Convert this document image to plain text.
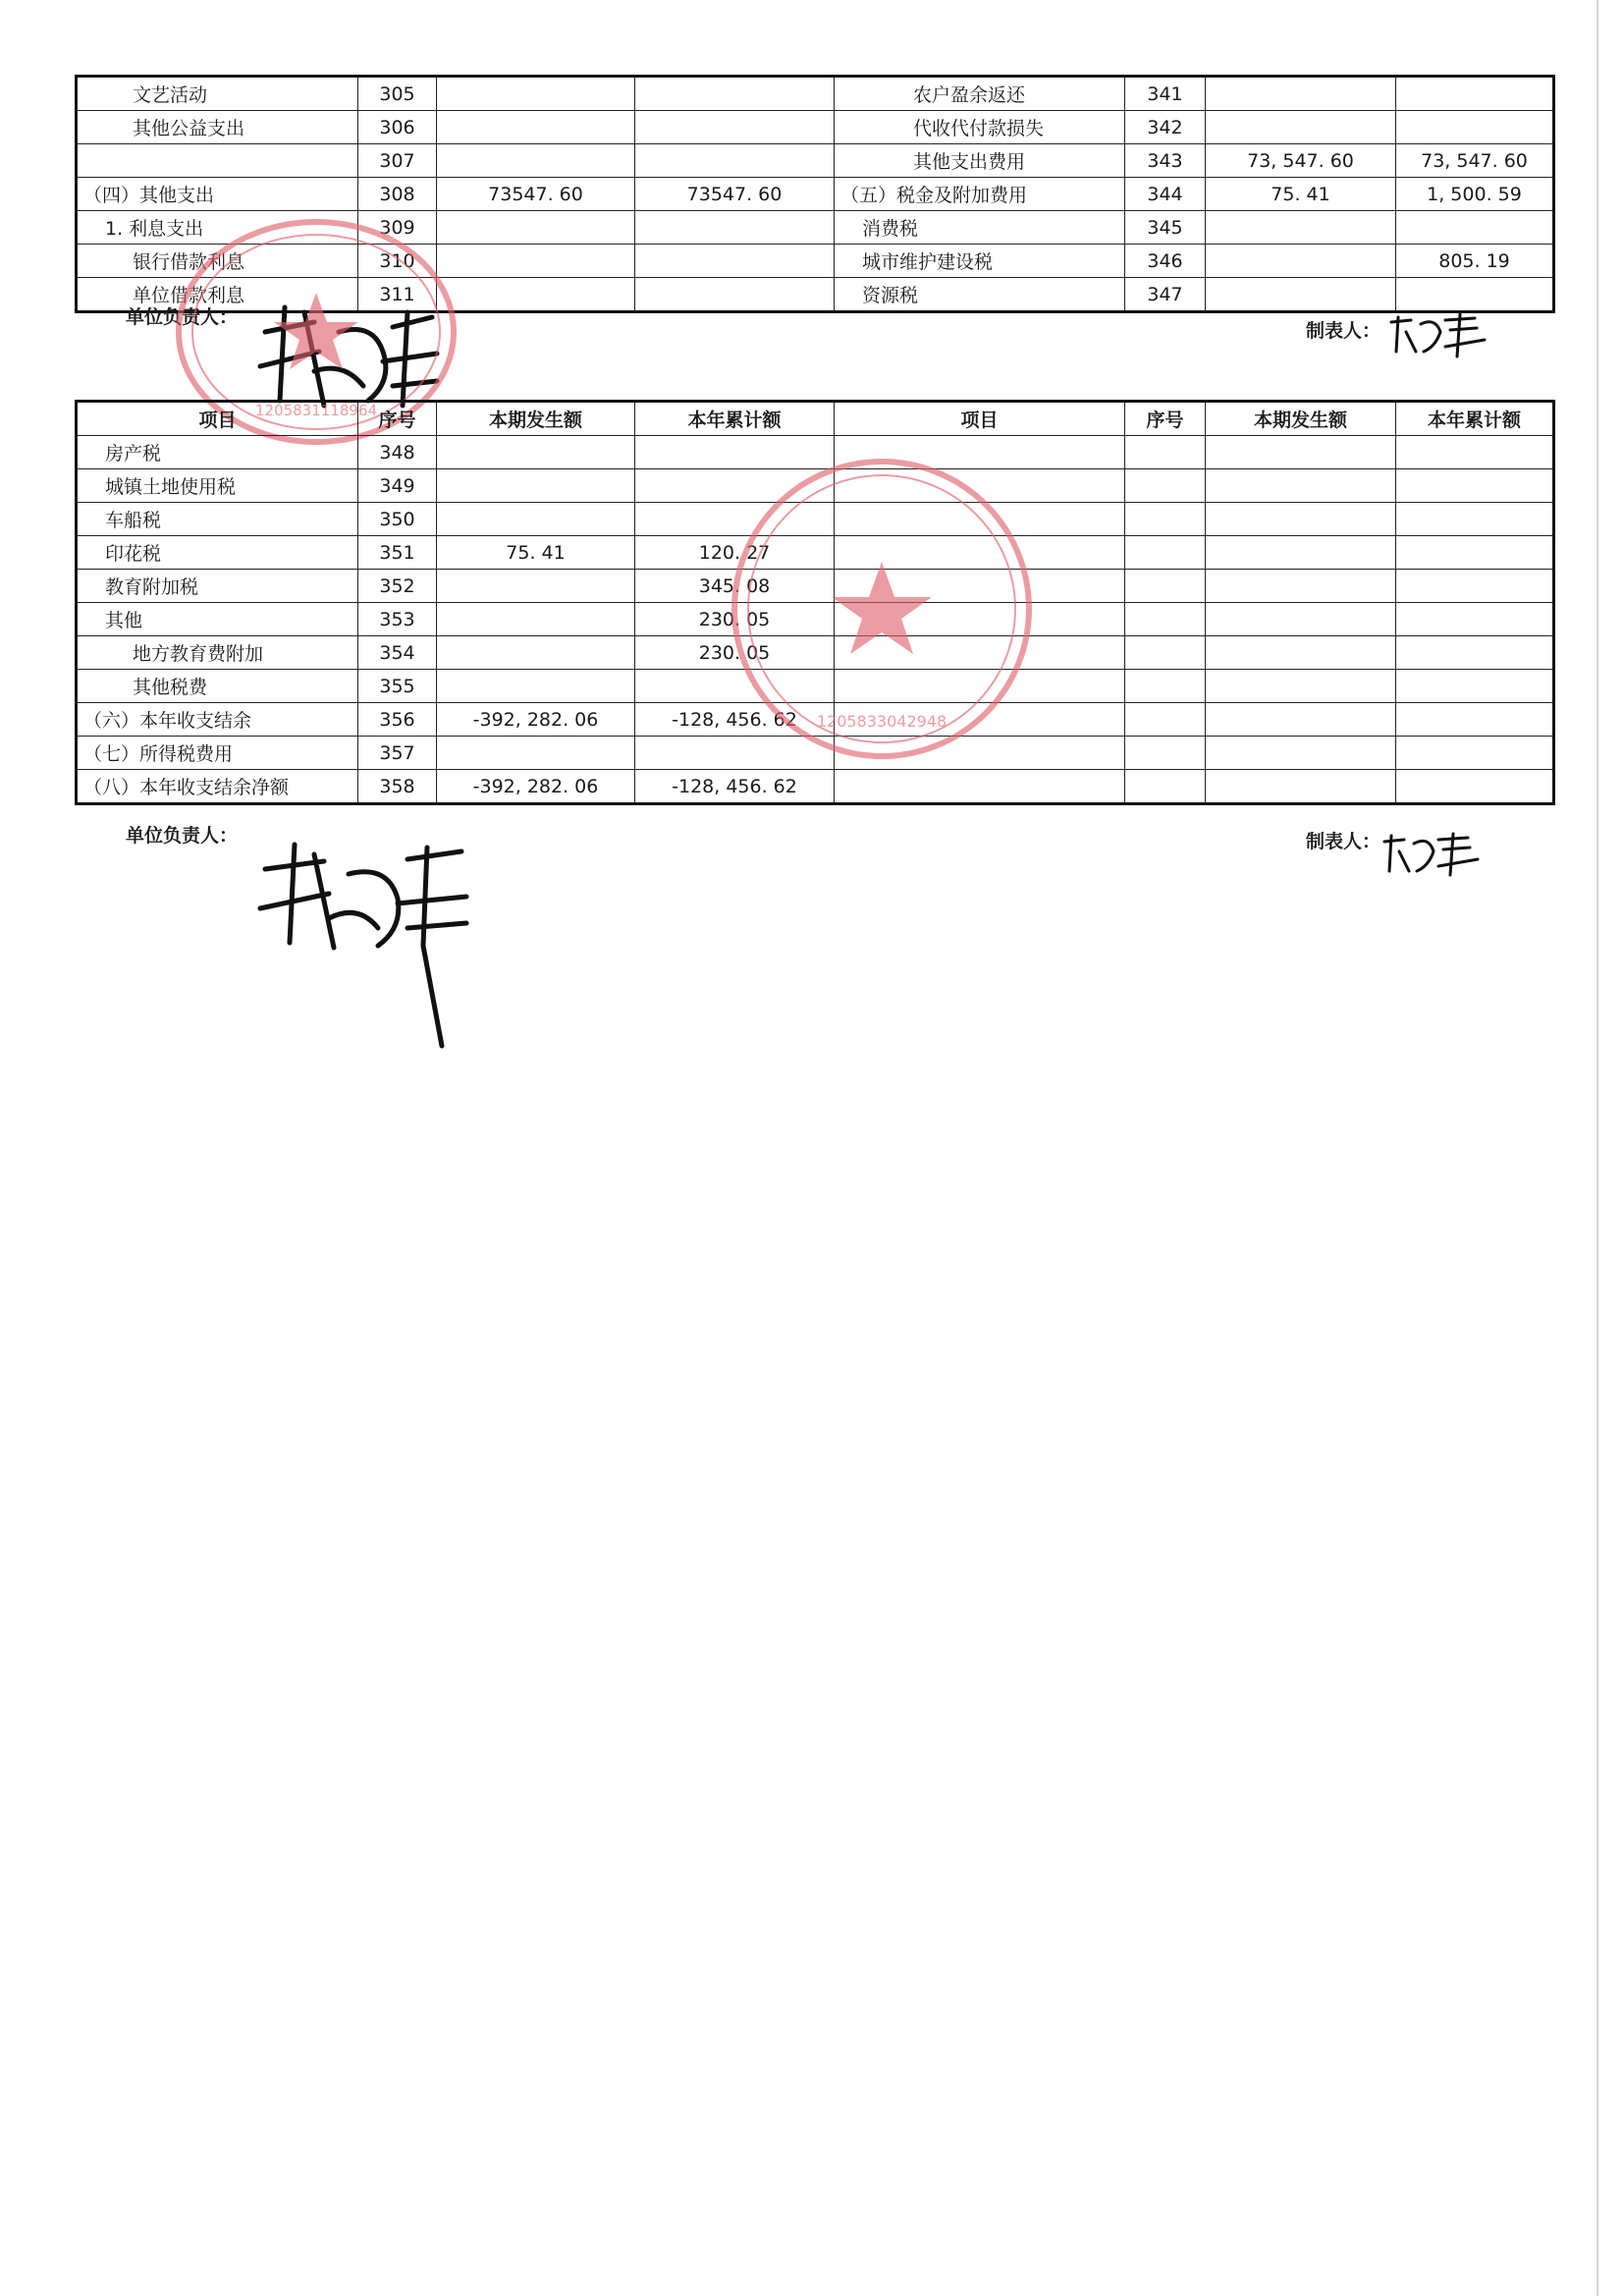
文艺活动	305			农户盈余返还	341		
其他公益支出	306			代收代付款损失	342		
	307			其他支出费用	343	73, 547. 60	73, 547. 60
（四）其他支出	308	73547. 60	73547. 60	（五）税金及附加费用	344	75. 41	1, 500. 59
1. 利息支出	309			消费税	345		
银行借款利息	310			城市维护建设税	346		805. 19
单位借款利息	311			资源税	347		
单位负责人：
制表人：
1205831118964
项目	序号	本期发生额	本年累计额	项目	序号	本期发生额	本年累计额
房产税	348						
城镇土地使用税	349						
车船税	350						
印花税	351	75. 41	120. 27				
教育附加税	352		345. 08				
其他	353		230. 05				
地方教育费附加	354		230. 05				
其他税费	355						
（六）本年收支结余	356	-392, 282. 06	-128, 456. 62				
（七）所得税费用	357						
（八）本年收支结余净额	358	-392, 282. 06	-128, 456. 62				
单位负责人：	制表人：
1205833042948
